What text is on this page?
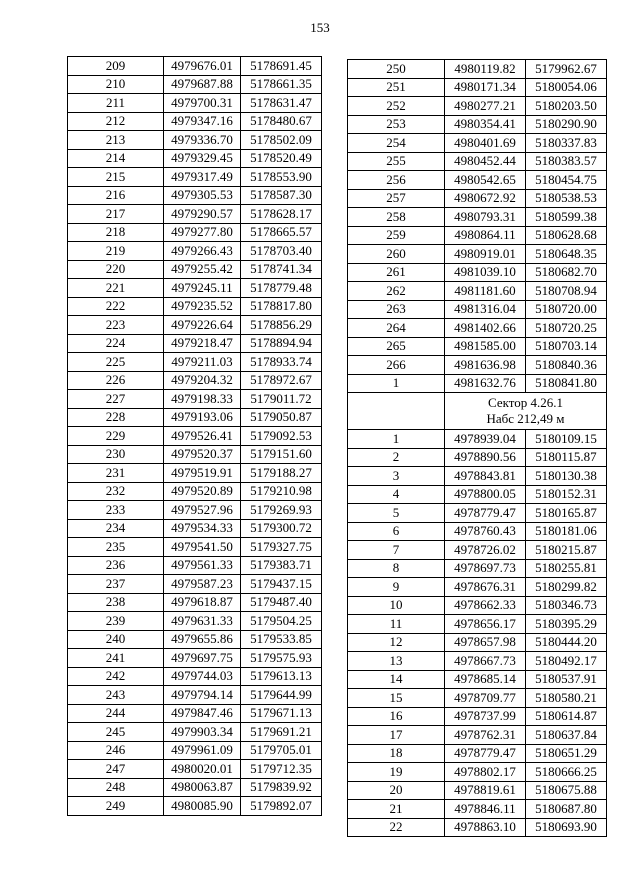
153
209	4979676.01	5178691.45
210	4979687.88	5178661.35
211	4979700.31	5178631.47
212	4979347.16	5178480.67
213	4979336.70	5178502.09
214	4979329.45	5178520.49
215	4979317.49	5178553.90
216	4979305.53	5178587.30
217	4979290.57	5178628.17
218	4979277.80	5178665.57
219	4979266.43	5178703.40
220	4979255.42	5178741.34
221	4979245.11	5178779.48
222	4979235.52	5178817.80
223	4979226.64	5178856.29
224	4979218.47	5178894.94
225	4979211.03	5178933.74
226	4979204.32	5178972.67
227	4979198.33	5179011.72
228	4979193.06	5179050.87
229	4979526.41	5179092.53
230	4979520.37	5179151.60
231	4979519.91	5179188.27
232	4979520.89	5179210.98
233	4979527.96	5179269.93
234	4979534.33	5179300.72
235	4979541.50	5179327.75
236	4979561.33	5179383.71
237	4979587.23	5179437.15
238	4979618.87	5179487.40
239	4979631.33	5179504.25
240	4979655.86	5179533.85
241	4979697.75	5179575.93
242	4979744.03	5179613.13
243	4979794.14	5179644.99
244	4979847.46	5179671.13
245	4979903.34	5179691.21
246	4979961.09	5179705.01
247	4980020.01	5179712.35
248	4980063.87	5179839.92
249	4980085.90	5179892.07
250	4980119.82	5179962.67
251	4980171.34	5180054.06
252	4980277.21	5180203.50
253	4980354.41	5180290.90
254	4980401.69	5180337.83
255	4980452.44	5180383.57
256	4980542.65	5180454.75
257	4980672.92	5180538.53
258	4980793.31	5180599.38
259	4980864.11	5180628.68
260	4980919.01	5180648.35
261	4981039.10	5180682.70
262	4981181.60	5180708.94
263	4981316.04	5180720.00
264	4981402.66	5180720.25
265	4981585.00	5180703.14
266	4981636.98	5180840.36
1	4981632.76	5180841.80
	Сектор 4.26.1
Набс 212,49 м	
1	4978939.04	5180109.15
2	4978890.56	5180115.87
3	4978843.81	5180130.38
4	4978800.05	5180152.31
5	4978779.47	5180165.87
6	4978760.43	5180181.06
7	4978726.02	5180215.87
8	4978697.73	5180255.81
9	4978676.31	5180299.82
10	4978662.33	5180346.73
11	4978656.17	5180395.29
12	4978657.98	5180444.20
13	4978667.73	5180492.17
14	4978685.14	5180537.91
15	4978709.77	5180580.21
16	4978737.99	5180614.87
17	4978762.31	5180637.84
18	4978779.47	5180651.29
19	4978802.17	5180666.25
20	4978819.61	5180675.88
21	4978846.11	5180687.80
22	4978863.10	5180693.90
